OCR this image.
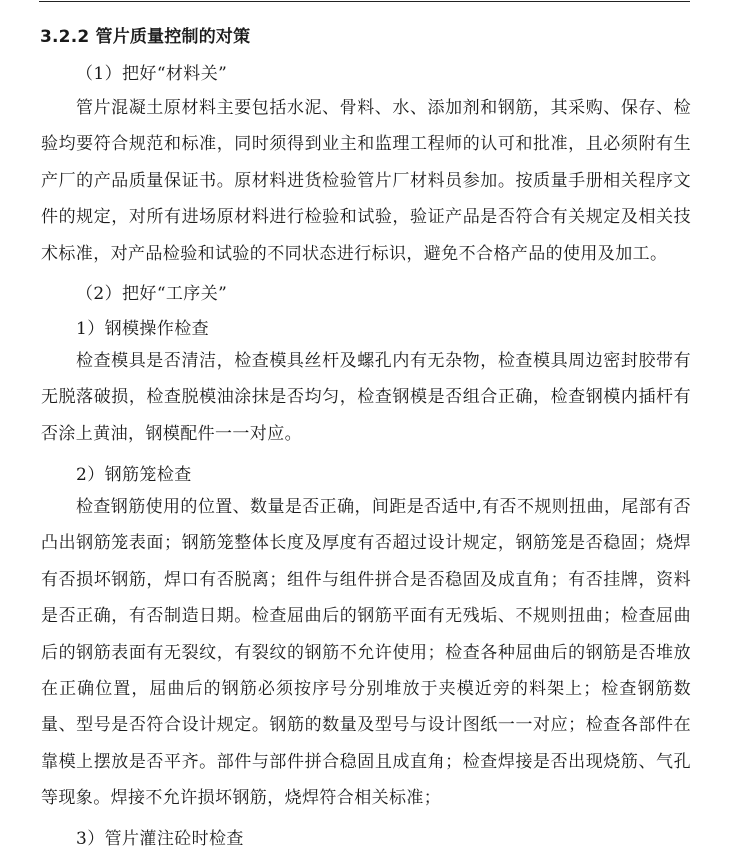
3.2.2 管片质量控制的对策
（1）把好“材料关”
管片混凝土原材料主要包括水泥、骨料、水、添加剂和钢筋，其采购、保存、检验均要符合规范和标准，同时须得到业主和监理工程师的认可和批准，且必须附有生产厂的产品质量保证书。原材料进货检验管片厂材料员参加。按质量手册相关程序文件的规定，对所有进场原材料进行检验和试验，验证产品是否符合有关规定及相关技术标准，对产品检验和试验的不同状态进行标识，避免不合格产品的使用及加工。
（2）把好“工序关”
1）钢模操作检查
检查模具是否清洁，检查模具丝杆及螺孔内有无杂物，检查模具周边密封胶带有无脱落破损，检查脱模油涂抹是否均匀，检查钢模是否组合正确，检查钢模内插杆有否涂上黄油，钢模配件一一对应。
2）钢筋笼检查
检查钢筋使用的位置、数量是否正确，间距是否适中,有否不规则扭曲，尾部有否凸出钢筋笼表面；钢筋笼整体长度及厚度有否超过设计规定，钢筋笼是否稳固；烧焊有否损坏钢筋，焊口有否脱离；组件与组件拼合是否稳固及成直角；有否挂牌，资料是否正确，有否制造日期。检查屈曲后的钢筋平面有无残垢、不规则扭曲；检查屈曲后的钢筋表面有无裂纹，有裂纹的钢筋不允许使用；检查各种屈曲后的钢筋是否堆放在正确位置，屈曲后的钢筋必须按序号分别堆放于夹模近旁的料架上；检查钢筋数量、型号是否符合设计规定。钢筋的数量及型号与设计图纸一一对应；检查各部件在靠模上摆放是否平齐。部件与部件拼合稳固且成直角；检查焊接是否出现烧筋、气孔等现象。焊接不允许损坏钢筋，烧焊符合相关标准；
3）管片灌注砼时检查
